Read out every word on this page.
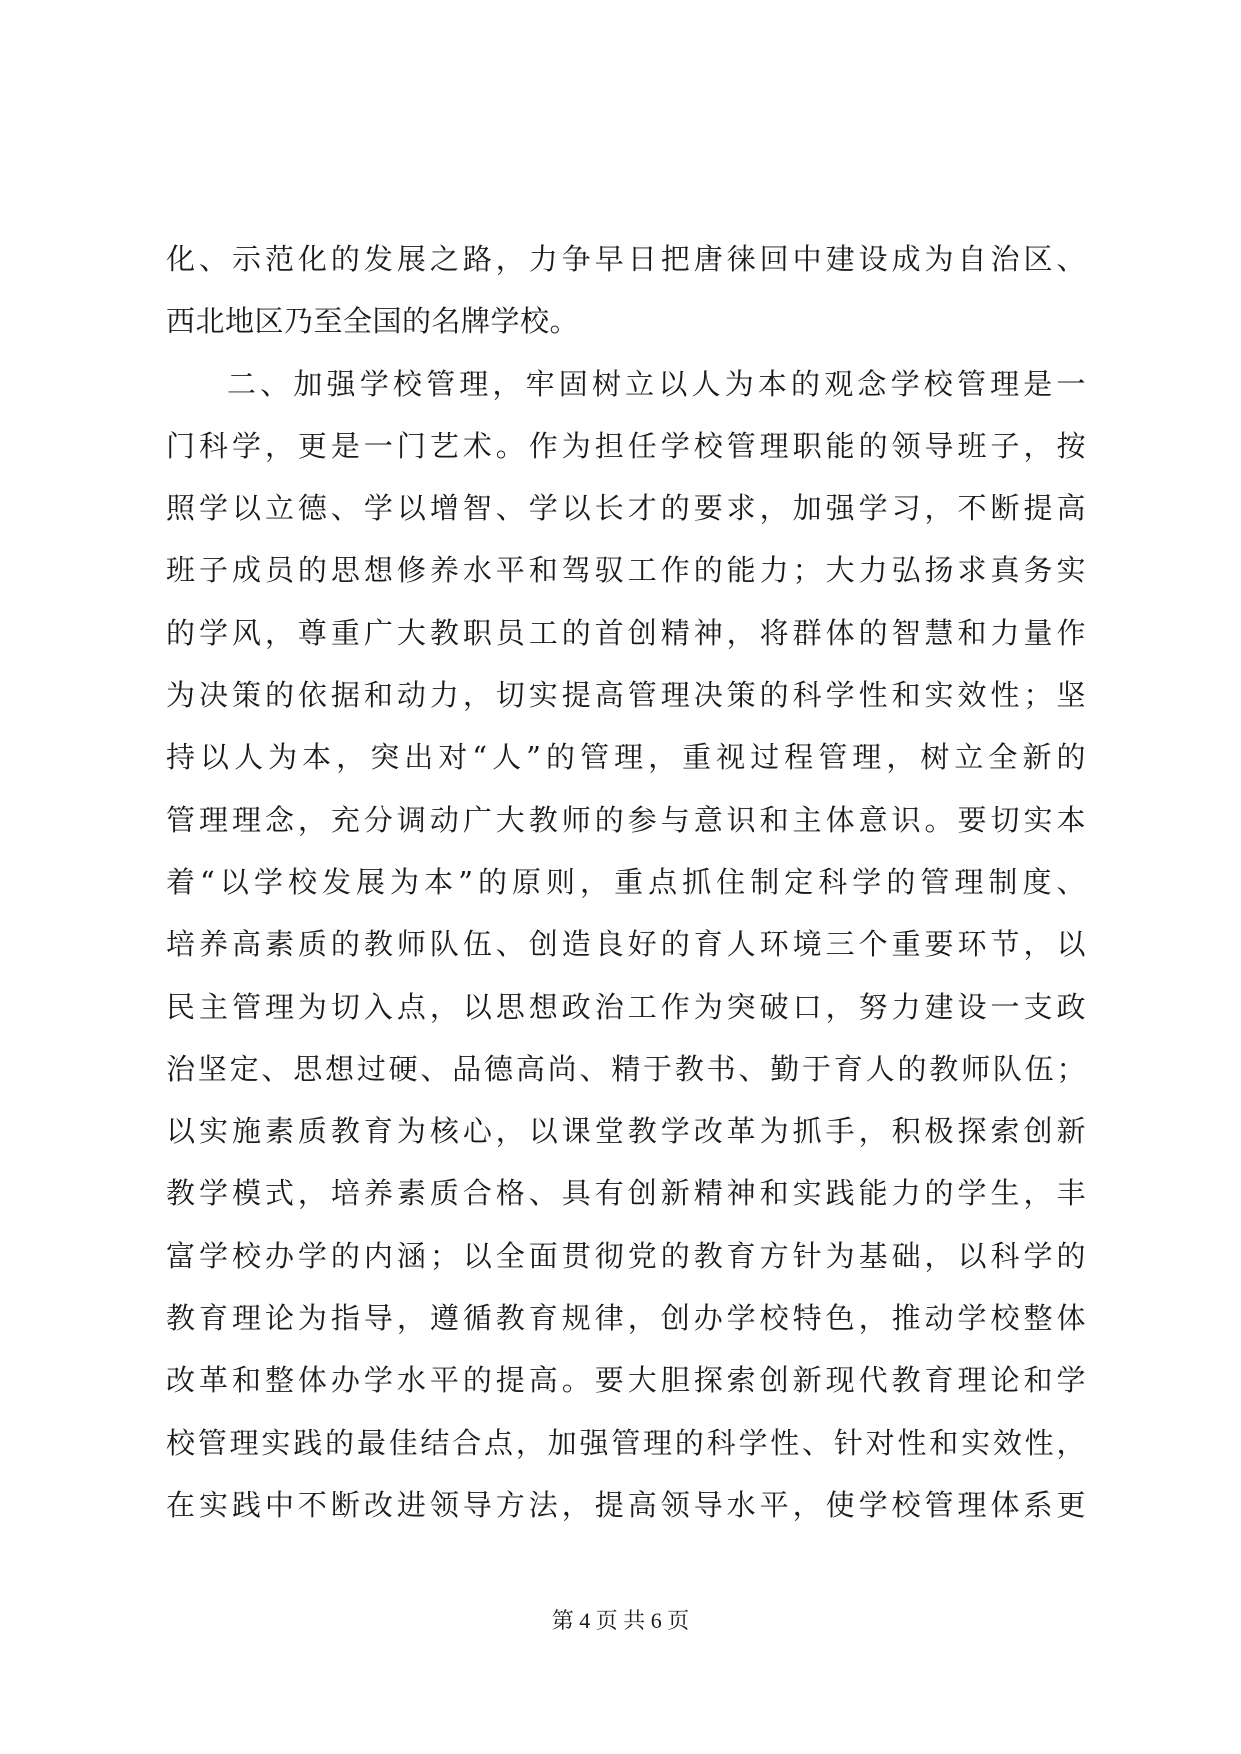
化、示范化的发展之路，力争早日把唐徕回中建设成为自治区、
西北地区乃至全国的名牌学校。
二、加强学校管理，牢固树立以人为本的观念学校管理是一
门科学，更是一门艺术。作为担任学校管理职能的领导班子，按
照学以立德、学以增智、学以长才的要求，加强学习，不断提高
班子成员的思想修养水平和驾驭工作的能力；大力弘扬求真务实
的学风，尊重广大教职员工的首创精神，将群体的智慧和力量作
为决策的依据和动力，切实提高管理决策的科学性和实效性；坚
持以人为本，突出对“人”的管理，重视过程管理，树立全新的
管理理念，充分调动广大教师的参与意识和主体意识。要切实本
着“以学校发展为本”的原则，重点抓住制定科学的管理制度、
培养高素质的教师队伍、创造良好的育人环境三个重要环节，以
民主管理为切入点，以思想政治工作为突破口，努力建设一支政
治坚定、思想过硬、品德高尚、精于教书、勤于育人的教师队伍；
以实施素质教育为核心，以课堂教学改革为抓手，积极探索创新
教学模式，培养素质合格、具有创新精神和实践能力的学生，丰
富学校办学的内涵；以全面贯彻党的教育方针为基础，以科学的
教育理论为指导，遵循教育规律，创办学校特色，推动学校整体
改革和整体办学水平的提高。要大胆探索创新现代教育理论和学
校管理实践的最佳结合点，加强管理的科学性、针对性和实效性，
在实践中不断改进领导方法，提高领导水平，使学校管理体系更
第 4 页 共 6 页
